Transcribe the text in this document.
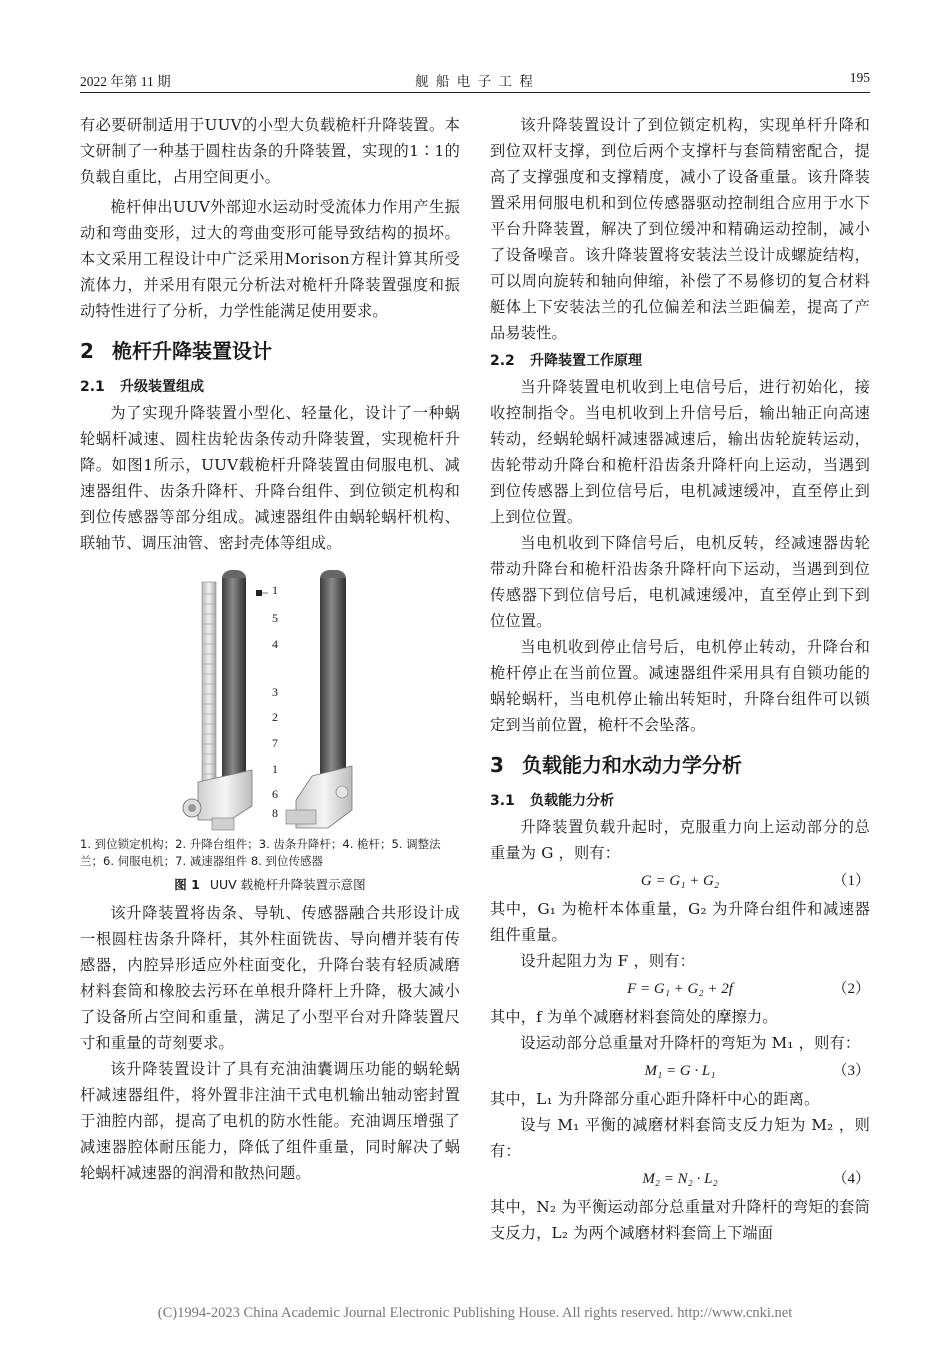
2022 年第 11 期	舰 船 电 子 工 程	195

有必要研制适用于UUV的小型大负载桅杆升降装置。本文研制了一种基于圆柱齿条的升降装置，实现的1∶1的负载自重比，占用空间更小。

桅杆伸出UUV外部迎水运动时受流体力作用产生振动和弯曲变形，过大的弯曲变形可能导致结构的损坏。本文采用工程设计中广泛采用Morison方程计算其所受流体力，并采用有限元分析法对桅杆升降装置强度和振动特性进行了分析，力学性能满足使用要求。

2 桅杆升降装置设计
2.1 升级装置组成

为了实现升降装置小型化、轻量化，设计了一种蜗轮蜗杆减速、圆柱齿轮齿条传动升降装置，实现桅杆升降。如图1所示，UUV载桅杆升降装置由伺服电机、减速器组件、齿条升降杆、升降台组件、到位锁定机构和到位传感器等部分组成。减速器组件由蜗轮蜗杆机构、联轴节、调压油管、密封壳体等组成。

1
5
4
3
2
7
1
6
8

1. 到位锁定机构；2. 升降台组件；3. 齿条升降杆；4. 桅杆；5. 调整法兰；6. 伺服电机；7. 减速器组件 8. 到位传感器

图 1 UUV 载桅杆升降装置示意图

该升降装置将齿条、导轨、传感器融合共形设计成一根圆柱齿条升降杆，其外柱面铣齿、导向槽并装有传感器，内腔异形适应外柱面变化，升降台装有轻质减磨材料套筒和橡胶去污环在单根升降杆上升降，极大减小了设备所占空间和重量，满足了小型平台对升降装置尺寸和重量的苛刻要求。

该升降装置设计了具有充油油囊调压功能的蜗轮蜗杆减速器组件，将外置非注油干式电机输出轴动密封置于油腔内部，提高了电机的防水性能。充油调压增强了减速器腔体耐压能力，降低了组件重量，同时解决了蜗轮蜗杆减速器的润滑和散热问题。

该升降装置设计了到位锁定机构，实现单杆升降和到位双杆支撑，到位后两个支撑杆与套筒精密配合，提高了支撑强度和支撑精度，减小了设备重量。该升降装置采用伺服电机和到位传感器驱动控制组合应用于水下平台升降装置，解决了到位缓冲和精确运动控制，减小了设备噪音。该升降装置将安装法兰设计成螺旋结构，可以周向旋转和轴向伸缩，补偿了不易修切的复合材料艇体上下安装法兰的孔位偏差和法兰距偏差，提高了产品易装性。

2.2 升降装置工作原理

当升降装置电机收到上电信号后，进行初始化，接收控制指令。当电机收到上升信号后，输出轴正向高速转动，经蜗轮蜗杆减速器减速后，输出齿轮旋转运动，齿轮带动升降台和桅杆沿齿条升降杆向上运动，当遇到到位传感器上到位信号后，电机减速缓冲，直至停止到上到位位置。

当电机收到下降信号后，电机反转，经减速器齿轮带动升降台和桅杆沿齿条升降杆向下运动，当遇到到位传感器下到位信号后，电机减速缓冲，直至停止到下到位位置。

当电机收到停止信号后，电机停止转动，升降台和桅杆停止在当前位置。减速器组件采用具有自锁功能的蜗轮蜗杆，当电机停止输出转矩时，升降台组件可以锁定到当前位置，桅杆不会坠落。

3 负载能力和水动力学分析
3.1 负载能力分析

升降装置负载升起时，克服重力向上运动部分的总重量为 G ，则有：

G = G₁ + G₂	（1）

其中，G₁ 为桅杆本体重量，G₂ 为升降台组件和减速器组件重量。

设升起阻力为 F ，则有：

F = G₁ + G₂ + 2f	（2）

其中，f 为单个减磨材料套筒处的摩擦力。

设运动部分总重量对升降杆的弯矩为 M₁ ，则有：

M₁ = G · L₁	（3）

其中，L₁ 为升降部分重心距升降杆中心的距离。

设与 M₁ 平衡的减磨材料套筒支反力矩为 M₂ ，则有：

M₂ = N₂ · L₂	（4）

其中，N₂ 为平衡运动部分总重量对升降杆的弯矩的套筒支反力，L₂ 为两个减磨材料套筒上下端面

(C)1994-2023 China Academic Journal Electronic Publishing House. All rights reserved. http://www.cnki.net
